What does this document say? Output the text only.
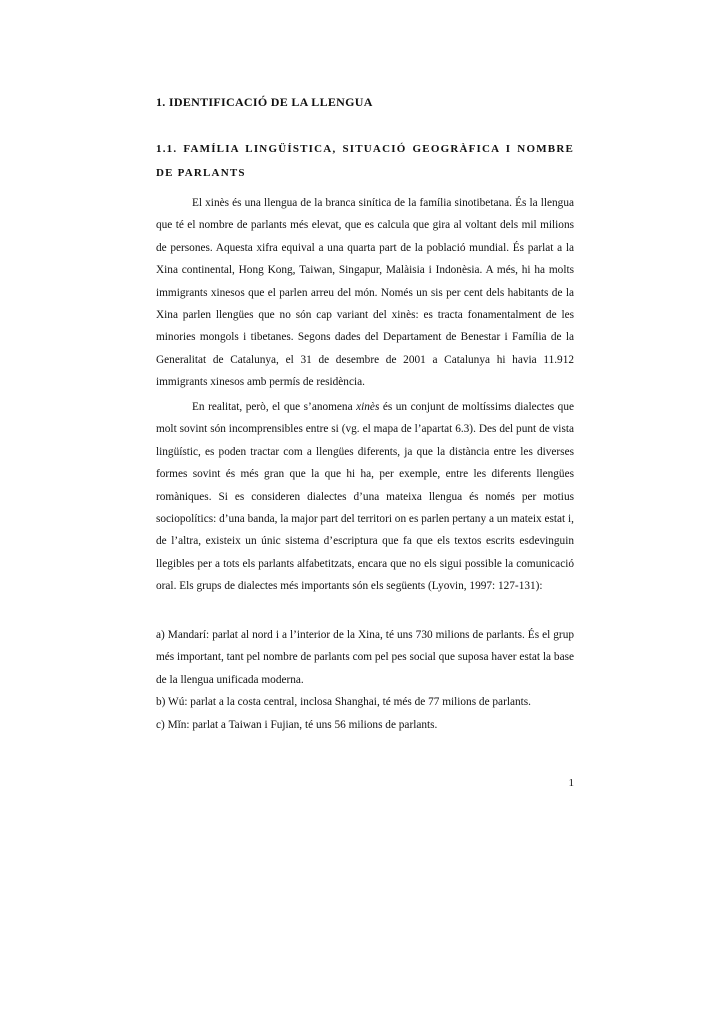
1. IDENTIFICACIÓ DE LA LLENGUA
1.1. FAMÍLIA LINGÜÍSTICA, SITUACIÓ GEOGRÀFICA I NOMBRE DE PARLANTS

El xinès és una llengua de la branca sinítica de la família sinotibetana. És la llengua que té el nombre de parlants més elevat, que es calcula que gira al voltant dels mil milions de persones. Aquesta xifra equival a una quarta part de la població mundial. És parlat a la Xina continental, Hong Kong, Taiwan, Singapur, Malàisia i Indonèsia. A més, hi ha molts immigrants xinesos que el parlen arreu del món. Només un sis per cent dels habitants de la Xina parlen llengües que no són cap variant del xinès: es tracta fonamentalment de les minories mongols i tibetanes. Segons dades del Departament de Benestar i Família de la Generalitat de Catalunya, el 31 de desembre de 2001 a Catalunya hi havia 11.912 immigrants xinesos amb permís de residència.

En realitat, però, el que s’anomena xinès és un conjunt de moltíssims dialectes que molt sovint són incomprensibles entre si (vg. el mapa de l’apartat 6.3). Des del punt de vista lingüístic, es poden tractar com a llengües diferents, ja que la distància entre les diverses formes sovint és més gran que la que hi ha, per exemple, entre les diferents llengües romàniques. Si es consideren dialectes d’una mateixa llengua és només per motius sociopolítics: d’una banda, la major part del territori on es parlen pertany a un mateix estat i, de l’altra, existeix un únic sistema d’escriptura que fa que els textos escrits esdevinguin llegibles per a tots els parlants alfabetitzats, encara que no els sigui possible la comunicació oral. Els grups de dialectes més importants són els següents (Lyovin, 1997: 127-131):

a) Mandarí: parlat al nord i a l’interior de la Xina, té uns 730 milions de parlants. És el grup més important, tant pel nombre de parlants com pel pes social que suposa haver estat la base de la llengua unificada moderna.

b) Wú: parlat a la costa central, inclosa Shanghai, té més de 77 milions de parlants.

c) Mǐn: parlat a Taiwan i Fujian, té uns 56 milions de parlants.

1
